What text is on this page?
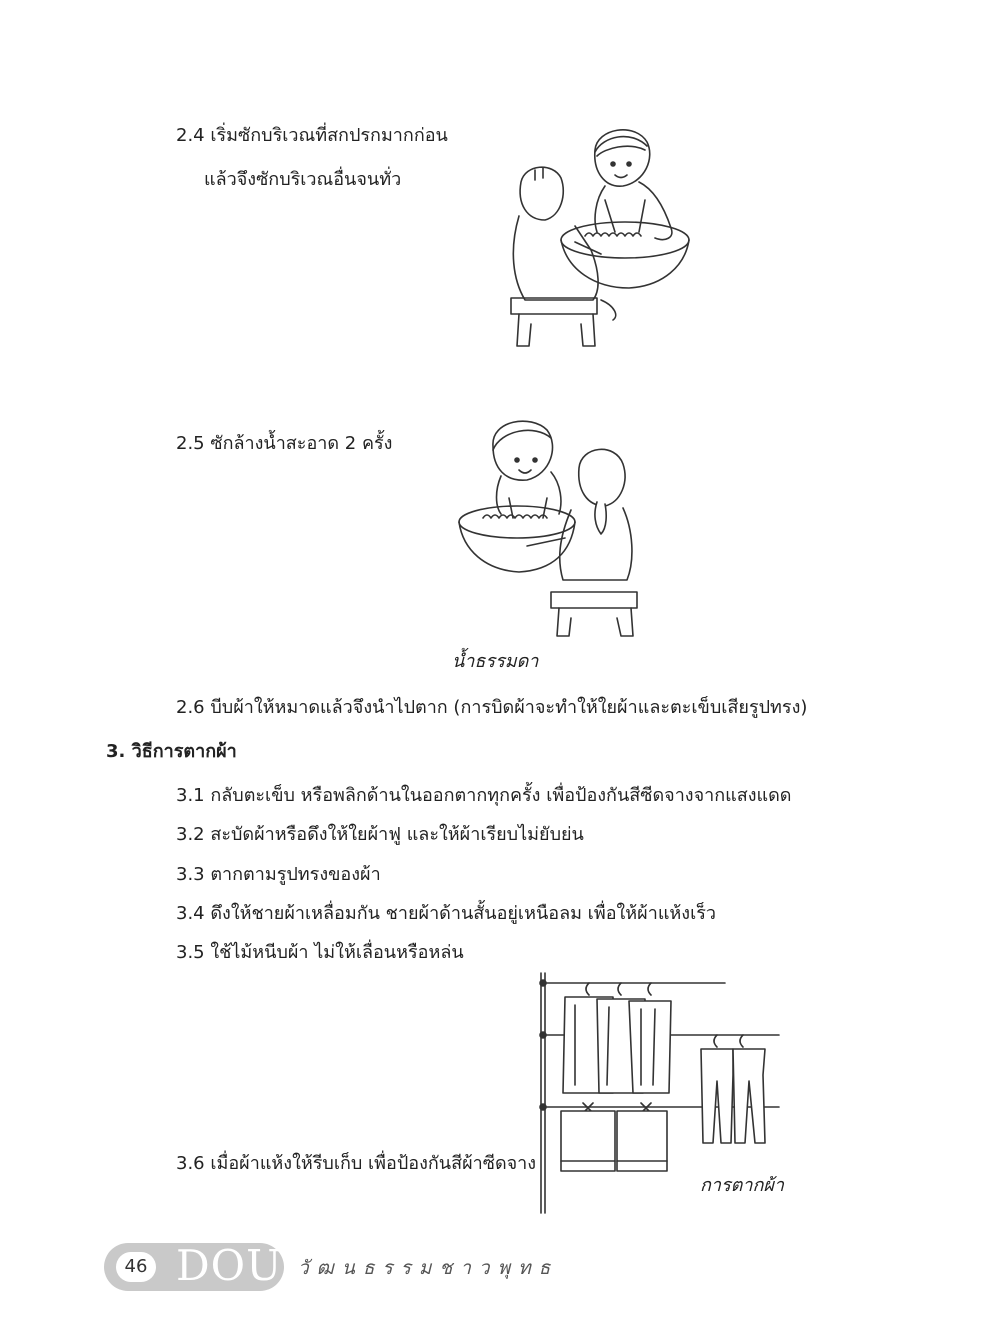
2.4 เริ่มซักบริเวณที่สกปรกมากก่อน
แล้วจึงซักบริเวณอื่นจนทั่ว
2.5 ซักล้างน้ำสะอาด 2 ครั้ง
น้ำธรรมดา
2.6 บีบผ้าให้หมาดแล้วจึงนำไปตาก (การบิดผ้าจะทำให้ใยผ้าและตะเข็บเสียรูปทรง)
3. วิธีการตากผ้า
3.1 กลับตะเข็บ หรือพลิกด้านในออกตากทุกครั้ง เพื่อป้องกันสีซีดจางจากแสงแดด
3.2 สะบัดผ้าหรือดึงให้ใยผ้าฟู และให้ผ้าเรียบไม่ยับย่น
3.3 ตากตามรูปทรงของผ้า
3.4 ดึงให้ชายผ้าเหลื่อมกัน ชายผ้าด้านสั้นอยู่เหนือลม เพื่อให้ผ้าแห้งเร็ว
3.5 ใช้ไม้หนีบผ้า ไม่ให้เลื่อนหรือหล่น
3.6 เมื่อผ้าแห้งให้รีบเก็บ เพื่อป้องกันสีผ้าซีดจาง
การตากผ้า
46 DOU วัฒนธรรมชาวพุทธ
